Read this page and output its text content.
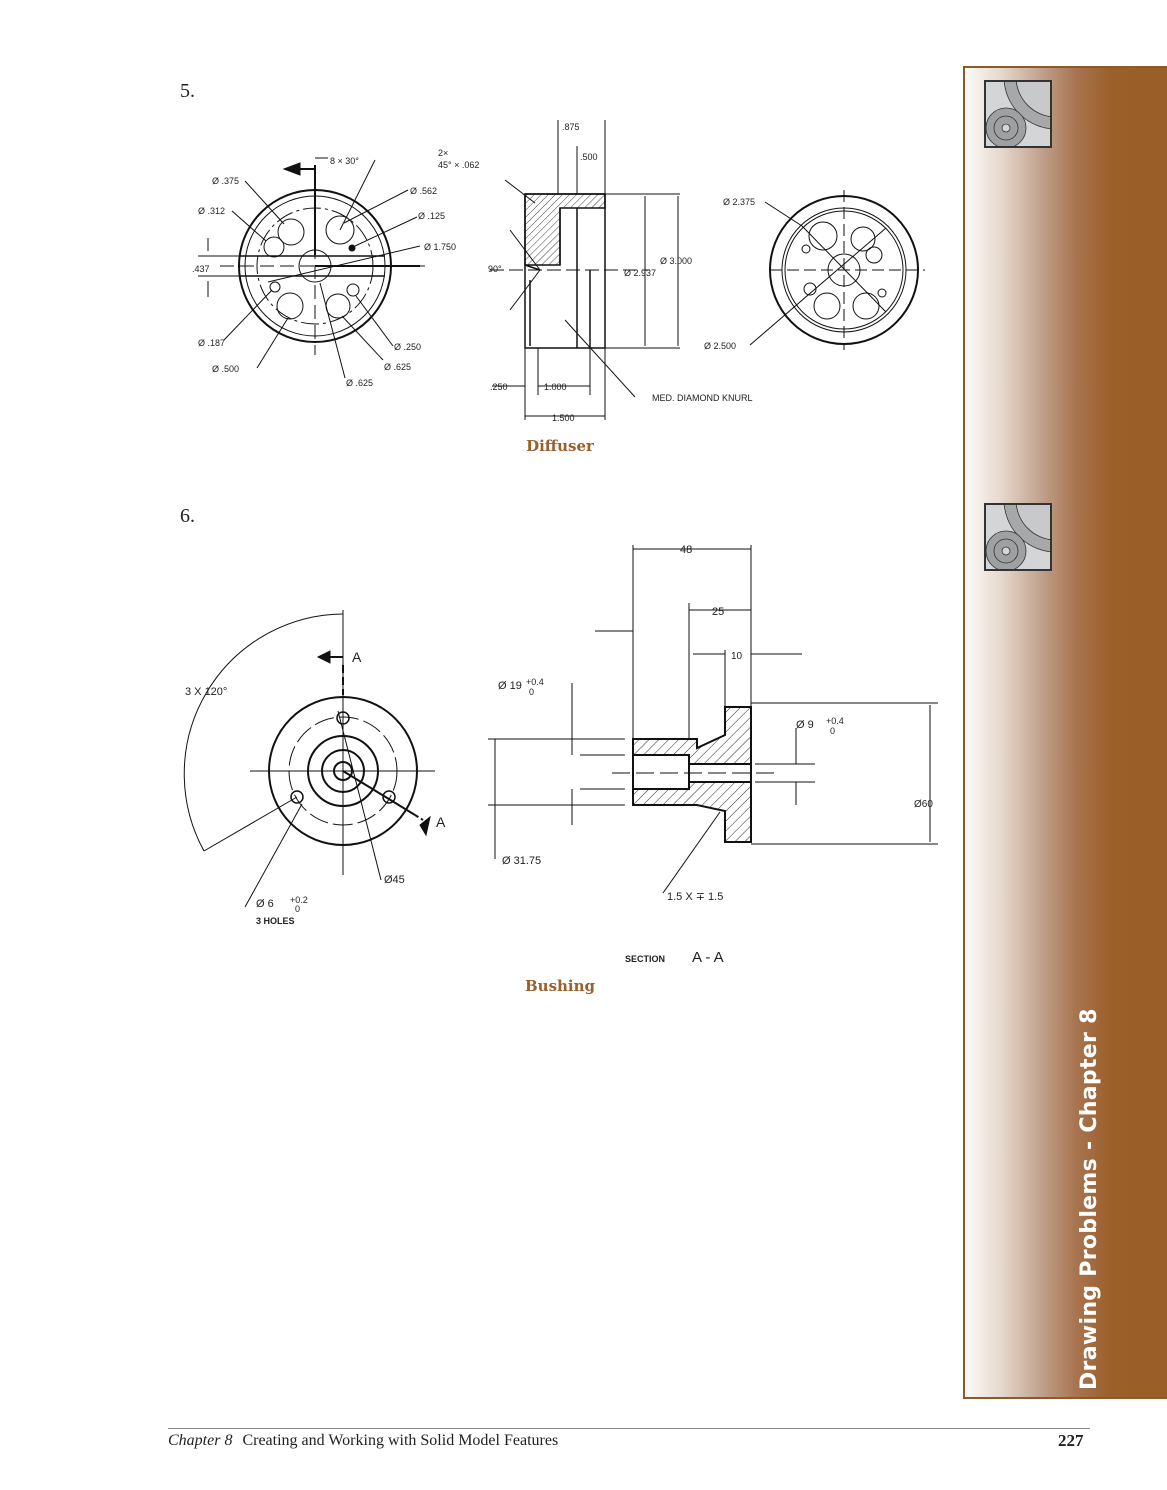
5.
8 × 30°
Ø .375
Ø .312
.437
Ø .187
Ø .500
Ø .625
Ø .625
Ø .250
Ø .562
Ø .125
Ø 1.750
.875
.500
2×
45° × .062
90°	Ø 2.937
Ø 3.000
.250	1.000
1.500
MED. DIAMOND KNURL
Ø 2.375
Ø 2.500
Diffuser
6.
3 X 120°
A
A
Ø45
Ø 6 +0.2
0
3 HOLES
48
25
10
Ø 19 +0.4
0
Ø 9 +0.4
0
Ø 31.75
Ø60
1.5 X ∓ 1.5
SECTION A - A
Bushing
Drawing Problems - Chapter 8
Chapter 8 Creating and Working with Solid Model Features	227
